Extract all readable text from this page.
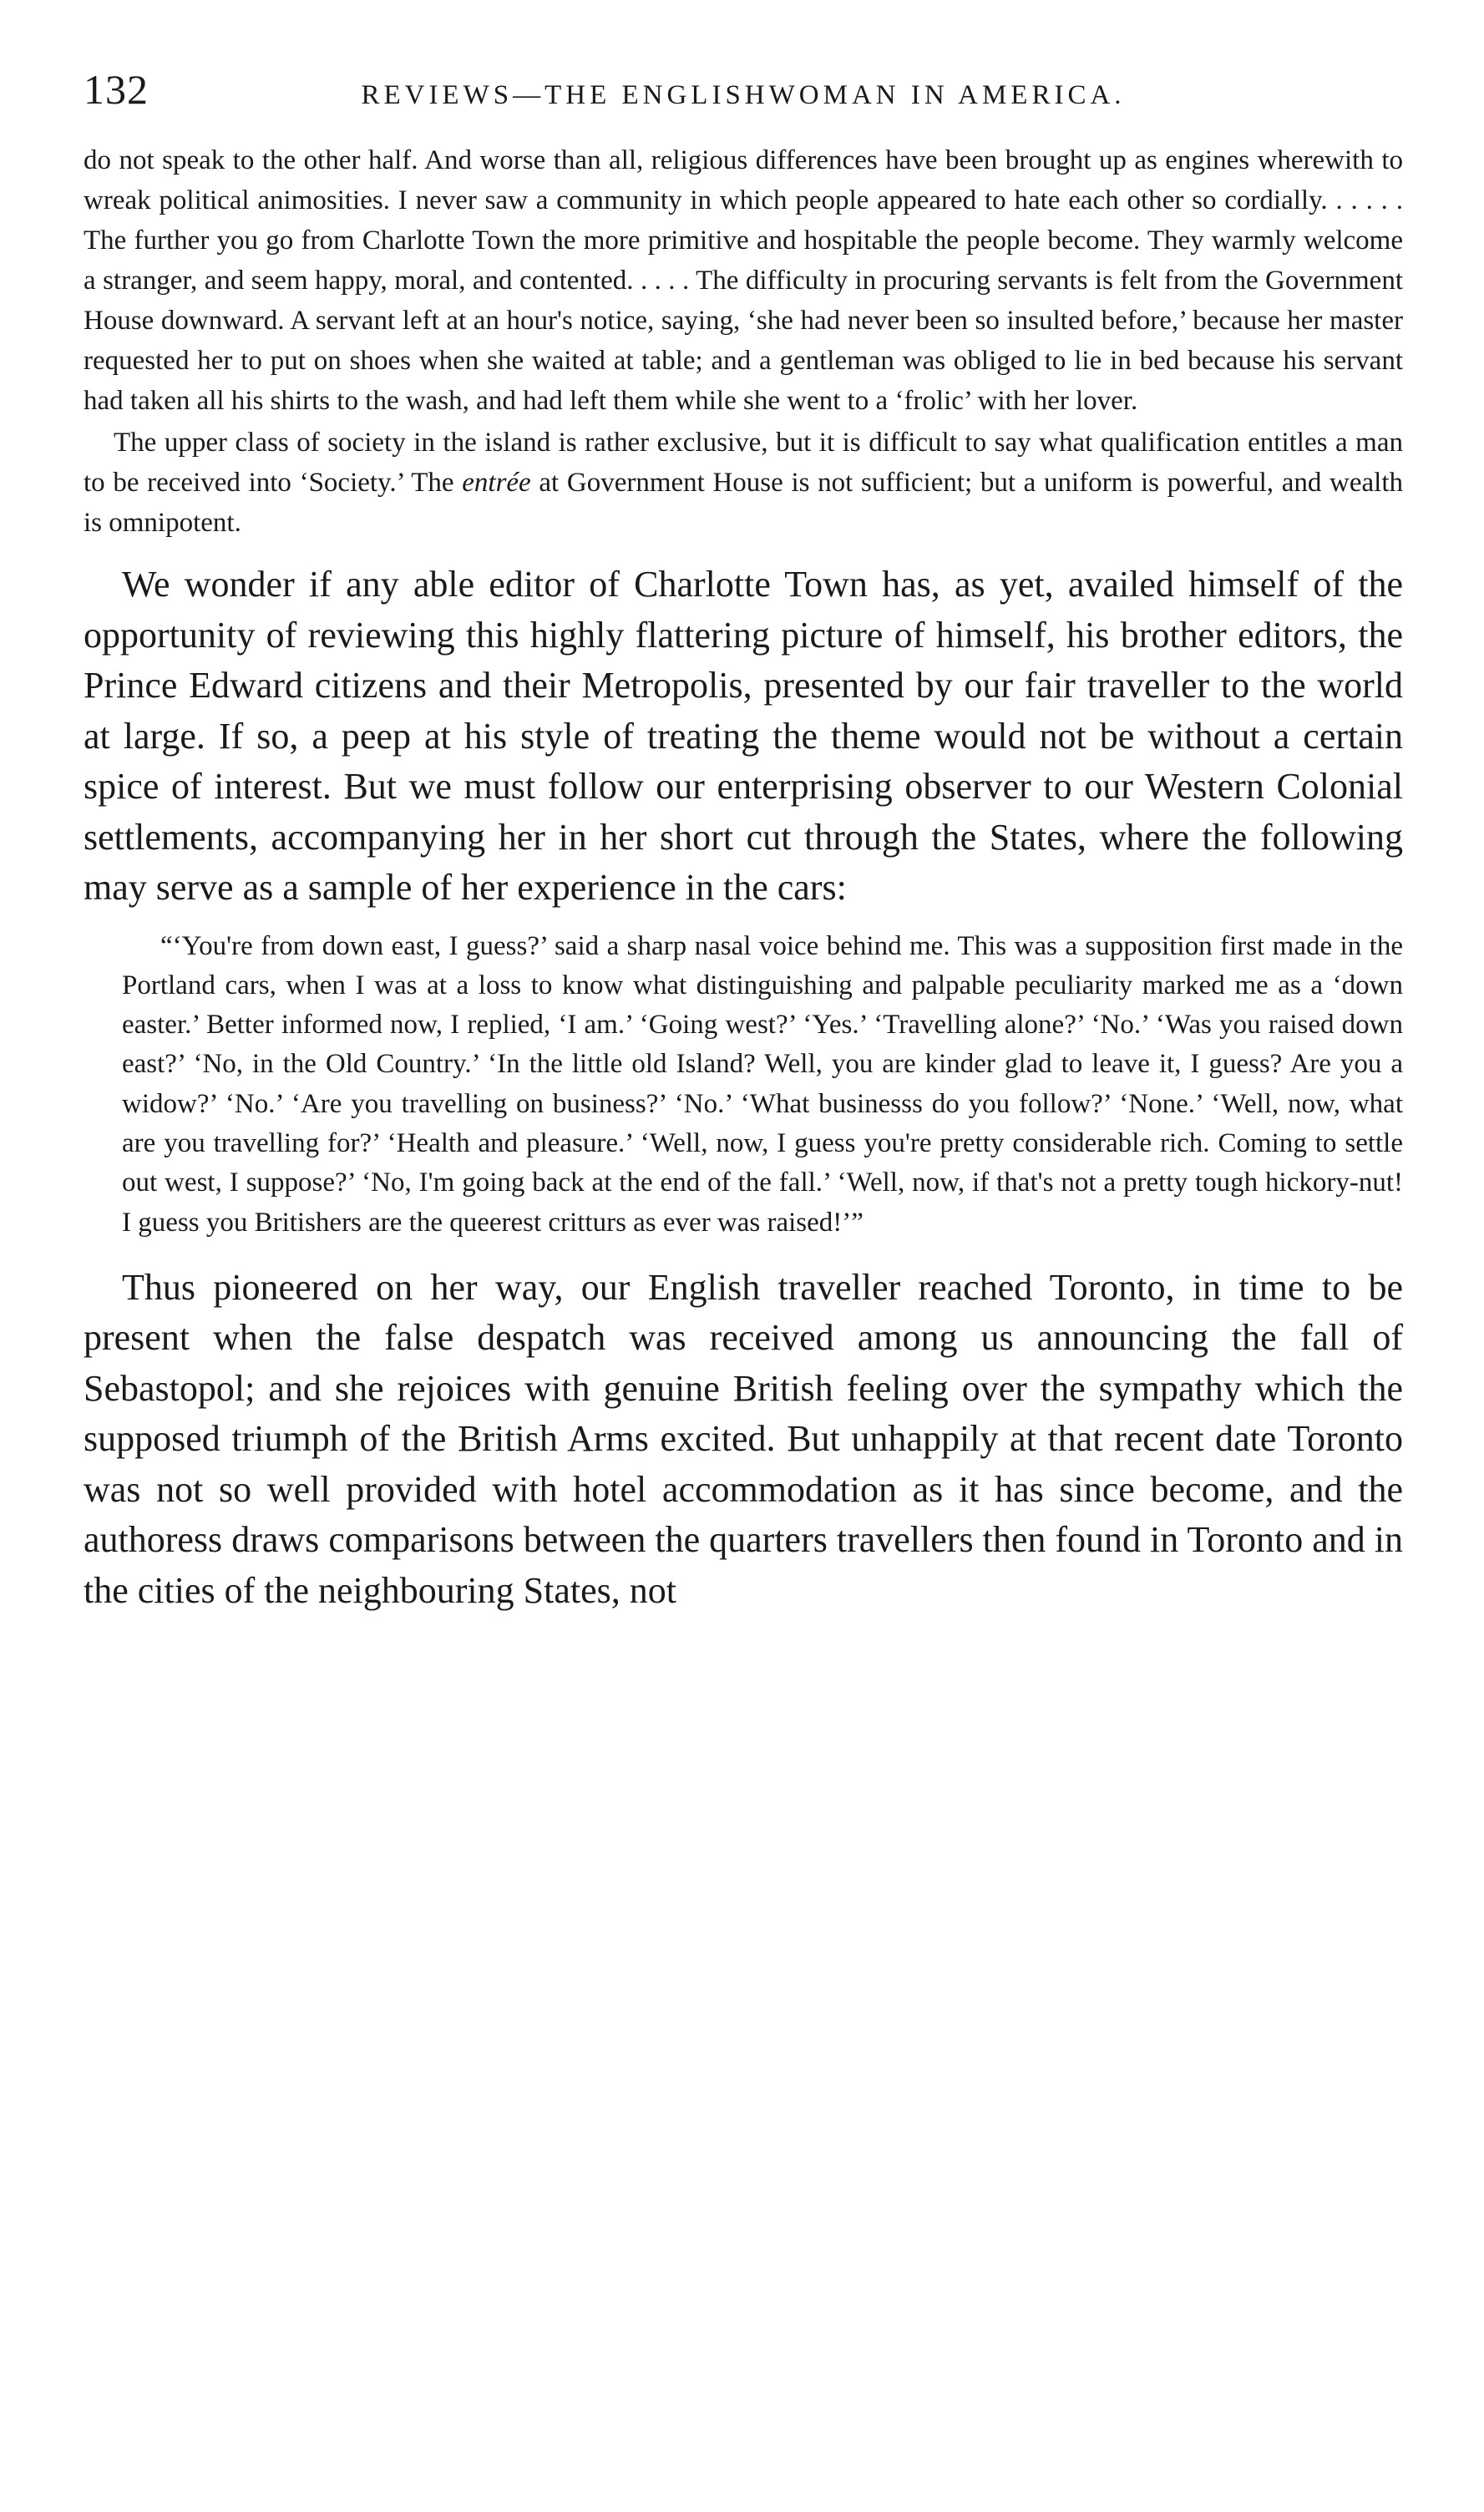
132	REVIEWS—THE ENGLISHWOMAN IN AMERICA.

do not speak to the other half. And worse than all, religious differences have been brought up as engines wherewith to wreak political animosities. I never saw a community in which people appeared to hate each other so cordially. . . . . . The further you go from Charlotte Town the more primitive and hospitable the people become. They warmly welcome a stranger, and seem happy, moral, and contented. . . . . The difficulty in procuring servants is felt from the Government House downward. A servant left at an hour's notice, saying, ‘she had never been so insulted before,’ because her master requested her to put on shoes when she waited at table; and a gentleman was obliged to lie in bed because his servant had taken all his shirts to the wash, and had left them while she went to a ‘frolic’ with her lover.

The upper class of society in the island is rather exclusive, but it is difficult to say what qualification entitles a man to be received into ‘Society.’ The entrée at Government House is not sufficient; but a uniform is powerful, and wealth is omnipotent.

We wonder if any able editor of Charlotte Town has, as yet, availed himself of the opportunity of reviewing this highly flattering picture of himself, his brother editors, the Prince Edward citizens and their Metropolis, presented by our fair traveller to the world at large. If so, a peep at his style of treating the theme would not be without a certain spice of interest. But we must follow our enterprising observer to our Western Colonial settlements, accompanying her in her short cut through the States, where the following may serve as a sample of her experience in the cars:

“‘You're from down east, I guess?’ said a sharp nasal voice behind me. This was a supposition first made in the Portland cars, when I was at a loss to know what distinguishing and palpable peculiarity marked me as a ‘down easter.’ Better informed now, I replied, ‘I am.’ ‘Going west?’ ‘Yes.’ ‘Travelling alone?’ ‘No.’ ‘Was you raised down east?’ ‘No, in the Old Country.’ ‘In the little old Island? Well, you are kinder glad to leave it, I guess? Are you a widow?’ ‘No.’ ‘Are you travelling on business?’ ‘No.’ ‘What businesss do you follow?’ ‘None.’ ‘Well, now, what are you travelling for?’ ‘Health and pleasure.’ ‘Well, now, I guess you're pretty considerable rich. Coming to settle out west, I suppose?’ ‘No, I'm going back at the end of the fall.’ ‘Well, now, if that's not a pretty tough hickory-nut! I guess you Britishers are the queerest critturs as ever was raised!’”

Thus pioneered on her way, our English traveller reached Toronto, in time to be present when the false despatch was received among us announcing the fall of Sebastopol; and she rejoices with genuine British feeling over the sympathy which the supposed triumph of the British Arms excited. But unhappily at that recent date Toronto was not so well provided with hotel accommodation as it has since become, and the authoress draws comparisons between the quarters travellers then found in Toronto and in the cities of the neighbouring States, not
